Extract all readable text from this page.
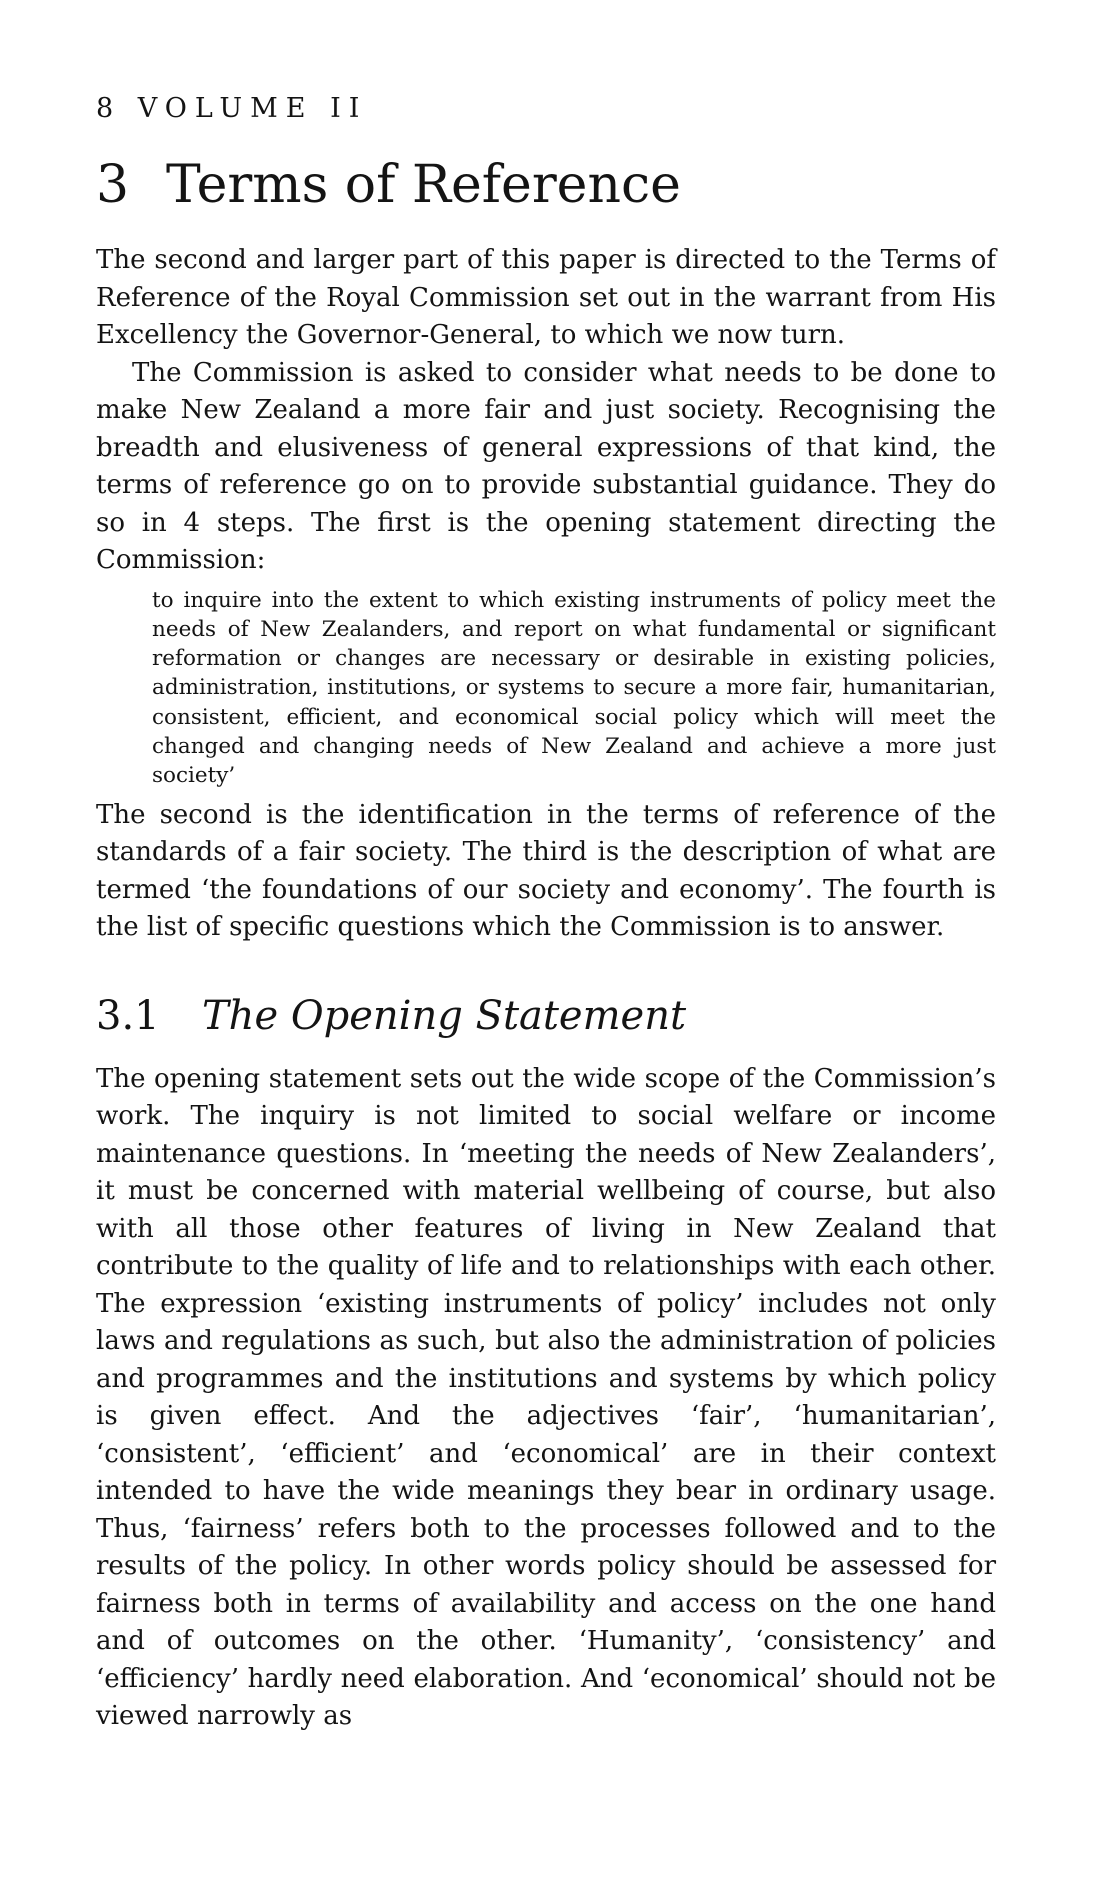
8 VOLUME II
3 Terms of Reference

The second and larger part of this paper is directed to the Terms of Reference of the Royal Commission set out in the warrant from His Excellency the Governor-General, to which we now turn.

The Commission is asked to consider what needs to be done to make New Zealand a more fair and just society. Recognising the breadth and elusiveness of general expressions of that kind, the terms of reference go on to provide substantial guidance. They do so in 4 steps. The first is the opening statement directing the Commission:

to inquire into the extent to which existing instruments of policy meet the needs of New Zealanders, and report on what fundamental or significant reformation or changes are necessary or desirable in existing policies, administration, institutions, or systems to secure a more fair, humanitarian, consistent, efficient, and economical social policy which will meet the changed and changing needs of New Zealand and achieve a more just society’

The second is the identification in the terms of reference of the standards of a fair society. The third is the description of what are termed ‘the foundations of our society and economy’. The fourth is the list of specific questions which the Commission is to answer.

3.1 The Opening Statement

The opening statement sets out the wide scope of the Commission’s work. The inquiry is not limited to social welfare or income maintenance questions. In ‘meeting the needs of New Zealanders’, it must be concerned with material wellbeing of course, but also with all those other features of living in New Zealand that contribute to the quality of life and to relationships with each other. The expression ‘existing instruments of policy’ includes not only laws and regulations as such, but also the administration of policies and programmes and the institutions and systems by which policy is given effect. And the adjectives ‘fair’, ‘humanitarian’, ‘consistent’, ‘efficient’ and ‘economical’ are in their context intended to have the wide meanings they bear in ordinary usage. Thus, ‘fairness’ refers both to the processes followed and to the results of the policy. In other words policy should be assessed for fairness both in terms of availability and access on the one hand and of outcomes on the other. ‘Humanity’, ‘consistency’ and ‘efficiency’ hardly need elaboration. And ‘economical’ should not be viewed narrowly as
